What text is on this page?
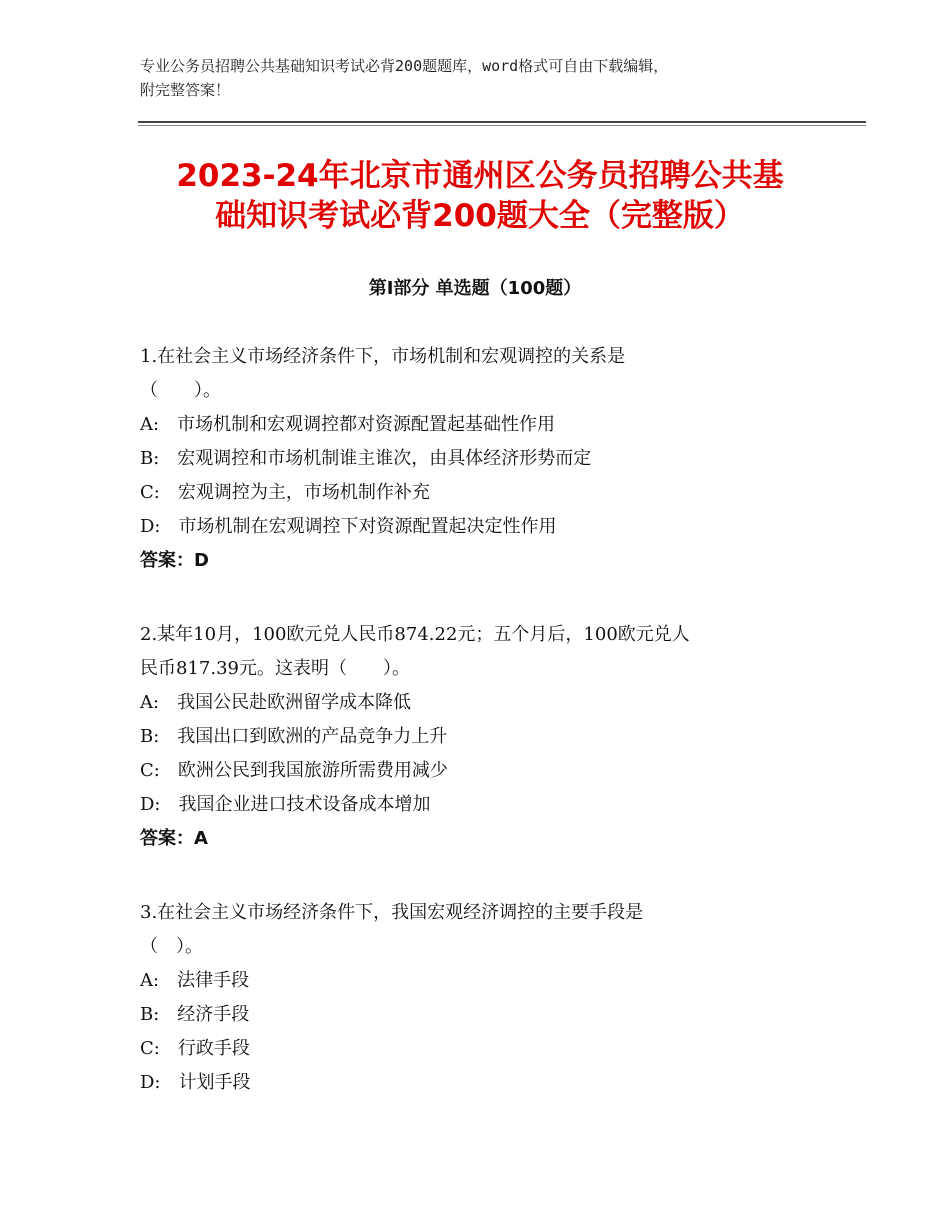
专业公务员招聘公共基础知识考试必背200题题库，word格式可自由下载编辑，
附完整答案！
2023-24年北京市通州区公务员招聘公共基
础知识考试必背200题大全（完整版）
第Ⅰ部分 单选题（100题）
1.在社会主义市场经济条件下，市场机制和宏观调控的关系是
（　　）。
A:　市场机制和宏观调控都对资源配置起基础性作用
B:　宏观调控和市场机制谁主谁次，由具体经济形势而定
C:　宏观调控为主，市场机制作补充
D:　市场机制在宏观调控下对资源配置起决定性作用
答案：D
2.某年10月，100欧元兑人民币874.22元；五个月后，100欧元兑人
民币817.39元。这表明（　　）。
A:　我国公民赴欧洲留学成本降低
B:　我国出口到欧洲的产品竞争力上升
C:　欧洲公民到我国旅游所需费用减少
D:　我国企业进口技术设备成本增加
答案：A
3.在社会主义市场经济条件下，我国宏观经济调控的主要手段是
（　）。
A:　法律手段
B:　经济手段
C:　行政手段
D:　计划手段
